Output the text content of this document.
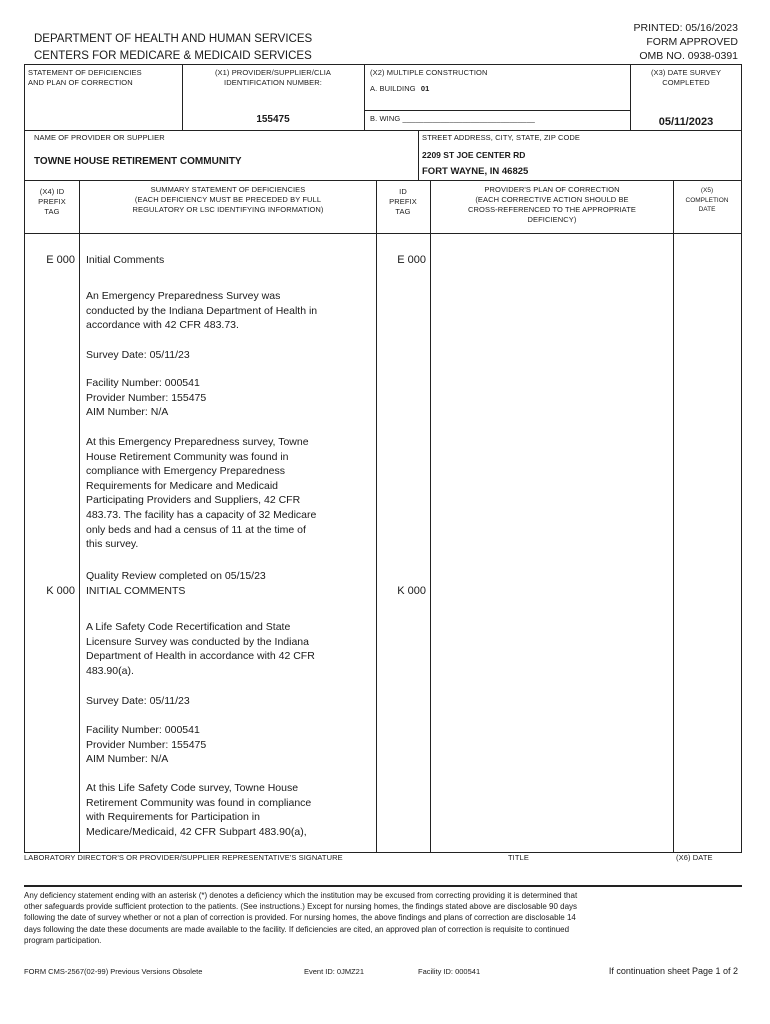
DEPARTMENT OF HEALTH AND HUMAN SERVICES
CENTERS FOR MEDICARE & MEDICAID SERVICES
PRINTED: 05/16/2023
FORM APPROVED
OMB NO. 0938-0391
STATEMENT OF DEFICIENCIES
AND PLAN OF CORRECTION
(X1) PROVIDER/SUPPLIER/CLIA
IDENTIFICATION NUMBER:
155475
(X2) MULTIPLE CONSTRUCTION
A. BUILDING 01
B. WING _______________________________
(X3) DATE SURVEY
COMPLETED
05/11/2023
NAME OF PROVIDER OR SUPPLIER
TOWNE HOUSE RETIREMENT COMMUNITY
STREET ADDRESS, CITY, STATE, ZIP CODE
2209 ST JOE CENTER RD
FORT WAYNE, IN 46825
(X4) ID
PREFIX
TAG
SUMMARY STATEMENT OF DEFICIENCIES
(EACH DEFICIENCY MUST BE PRECEDED BY FULL
REGULATORY OR LSC IDENTIFYING INFORMATION)
ID
PREFIX
TAG
PROVIDER'S PLAN OF CORRECTION
(EACH CORRECTIVE ACTION SHOULD BE
CROSS-REFERENCED TO THE APPROPRIATE
DEFICIENCY)
(X5)
COMPLETION
DATE
E 000	E 000
Initial Comments
An Emergency Preparedness Survey was
conducted by the Indiana Department of Health in
accordance with 42 CFR 483.73.
Survey Date: 05/11/23
Facility Number: 000541
Provider Number: 155475
AIM Number: N/A
At this Emergency Preparedness survey, Towne
House Retirement Community was found in
compliance with Emergency Preparedness
Requirements for Medicare and Medicaid
Participating Providers and Suppliers, 42 CFR
483.73. The facility has a capacity of 32 Medicare
only beds and had a census of 11 at the time of
this survey.
Quality Review completed on 05/15/23
K 000	K 000
INITIAL COMMENTS
A Life Safety Code Recertification and State
Licensure Survey was conducted by the Indiana
Department of Health in accordance with 42 CFR
483.90(a).
Survey Date: 05/11/23
Facility Number: 000541
Provider Number: 155475
AIM Number: N/A
At this Life Safety Code survey, Towne House
Retirement Community was found in compliance
with Requirements for Participation in
Medicare/Medicaid, 42 CFR Subpart 483.90(a),
LABORATORY DIRECTOR'S OR PROVIDER/SUPPLIER REPRESENTATIVE'S SIGNATURE	TITLE	(X6) DATE
Any deficiency statement ending with an asterisk (*) denotes a deficiency which the institution may be excused from correcting providing it is determined that
other safeguards provide sufficient protection to the patients. (See instructions.) Except for nursing homes, the findings stated above are disclosable 90 days
following the date of survey whether or not a plan of correction is provided. For nursing homes, the above findings and plans of correction are disclosable 14
days following the date these documents are made available to the facility. If deficiencies are cited, an approved plan of correction is requisite to continued
program participation.
FORM CMS-2567(02-99) Previous Versions Obsolete	Event ID: 0JMZ21	Facility ID: 000541	If continuation sheet Page 1 of 2
